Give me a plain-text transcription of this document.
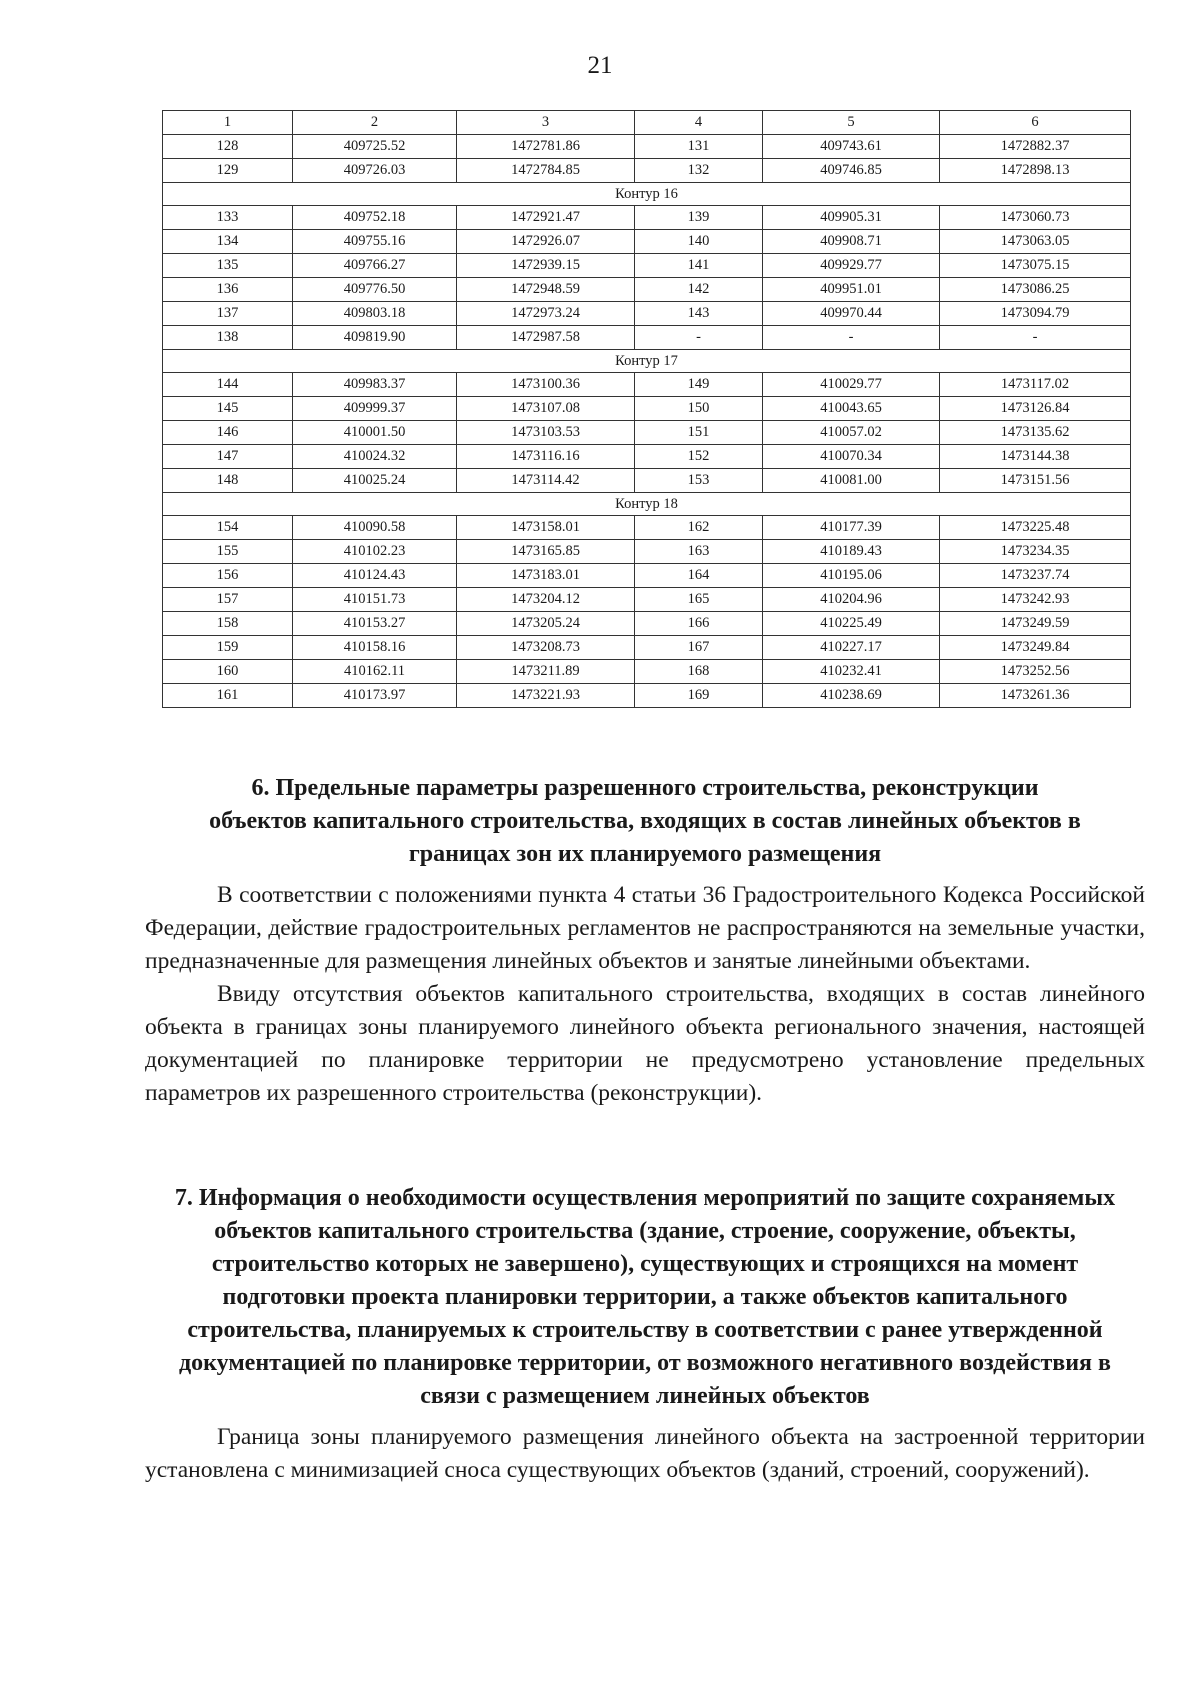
21
1	2	3	4	5	6
128	409725.52	1472781.86	131	409743.61	1472882.37
129	409726.03	1472784.85	132	409746.85	1472898.13
Контур 16					
133	409752.18	1472921.47	139	409905.31	1473060.73
134	409755.16	1472926.07	140	409908.71	1473063.05
135	409766.27	1472939.15	141	409929.77	1473075.15
136	409776.50	1472948.59	142	409951.01	1473086.25
137	409803.18	1472973.24	143	409970.44	1473094.79
138	409819.90	1472987.58	-	-	-
Контур 17					
144	409983.37	1473100.36	149	410029.77	1473117.02
145	409999.37	1473107.08	150	410043.65	1473126.84
146	410001.50	1473103.53	151	410057.02	1473135.62
147	410024.32	1473116.16	152	410070.34	1473144.38
148	410025.24	1473114.42	153	410081.00	1473151.56
Контур 18					
154	410090.58	1473158.01	162	410177.39	1473225.48
155	410102.23	1473165.85	163	410189.43	1473234.35
156	410124.43	1473183.01	164	410195.06	1473237.74
157	410151.73	1473204.12	165	410204.96	1473242.93
158	410153.27	1473205.24	166	410225.49	1473249.59
159	410158.16	1473208.73	167	410227.17	1473249.84
160	410162.11	1473211.89	168	410232.41	1473252.56
161	410173.97	1473221.93	169	410238.69	1473261.36

6. Предельные параметры разрешенного строительства, реконструкции объектов капитального строительства, входящих в состав линейных объектов в границах зон их планируемого размещения

В соответствии с положениями пункта 4 статьи 36 Градостроительного Кодекса Российской Федерации, действие градостроительных регламентов не распространяются на земельные участки, предназначенные для размещения линейных объектов и занятые линейными объектами.

Ввиду отсутствия объектов капитального строительства, входящих в состав линейного объекта в границах зоны планируемого линейного объекта регионального значения, настоящей документацией по планировке территории не предусмотрено установление предельных параметров их разрешенного строительства (реконструкции).

7. Информация о необходимости осуществления мероприятий по защите сохраняемых объектов капитального строительства (здание, строение, сооружение, объекты, строительство которых не завершено), существующих и строящихся на момент подготовки проекта планировки территории, а также объектов капитального строительства, планируемых к строительству в соответствии с ранее утвержденной документацией по планировке территории, от возможного негативного воздействия в связи с размещением линейных объектов

Граница зоны планируемого размещения линейного объекта на застроенной территории установлена с минимизацией сноса существующих объектов (зданий, строений, сооружений).
